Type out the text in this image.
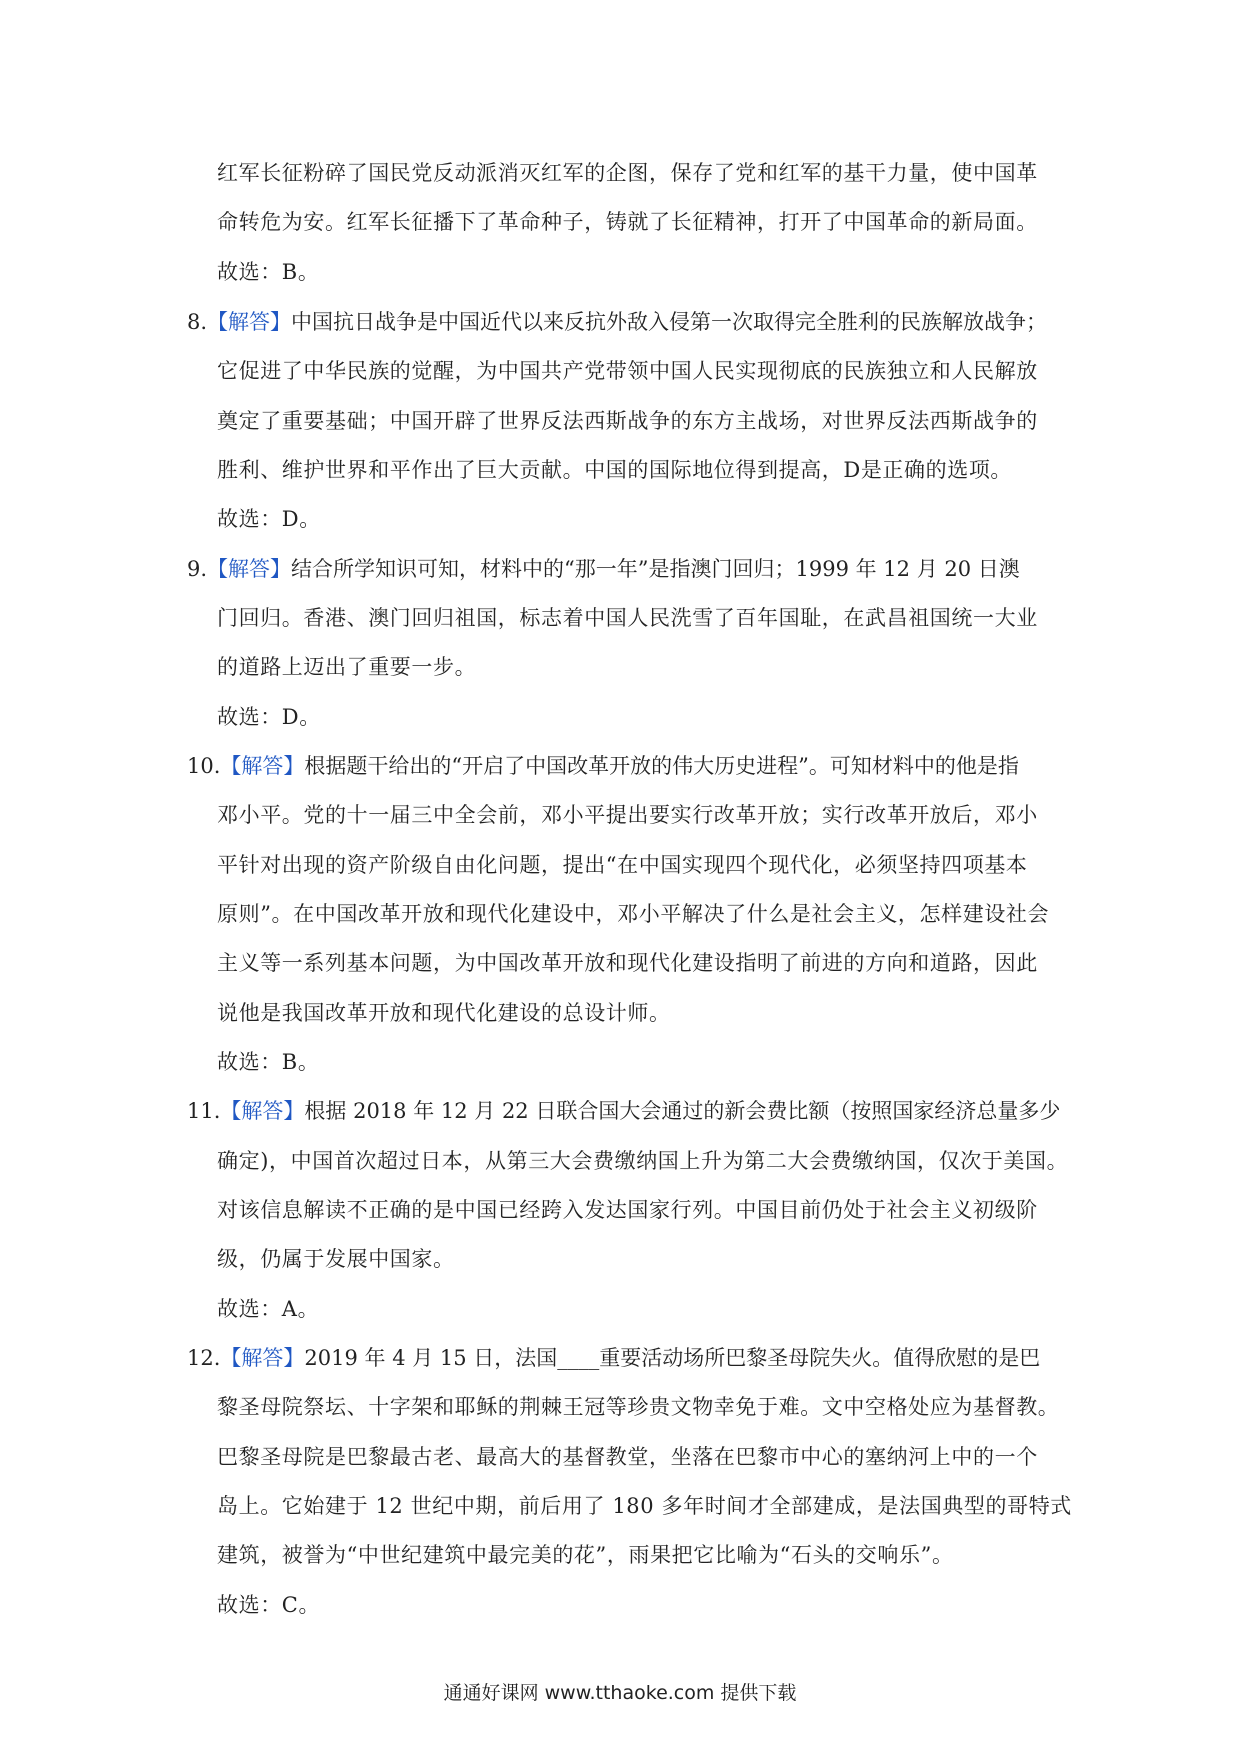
红军长征粉碎了国民党反动派消灭红军的企图，保存了党和红军的基干力量，使中国革
命转危为安。红军长征播下了革命种子，铸就了长征精神，打开了中国革命的新局面。
故选：B。
8.【解答】中国抗日战争是中国近代以来反抗外敌入侵第一次取得完全胜利的民族解放战争；
它促进了中华民族的觉醒，为中国共产党带领中国人民实现彻底的民族独立和人民解放
奠定了重要基础；中国开辟了世界反法西斯战争的东方主战场，对世界反法西斯战争的
胜利、维护世界和平作出了巨大贡献。中国的国际地位得到提高，D是正确的选项。
故选：D。
9.【解答】结合所学知识可知，材料中的“那一年”是指澳门回归；1999 年 12 月 20 日澳
门回归。香港、澳门回归祖国，标志着中国人民洗雪了百年国耻，在武昌祖国统一大业
的道路上迈出了重要一步。
故选：D。
10.【解答】根据题干给出的“开启了中国改革开放的伟大历史进程”。可知材料中的他是指
邓小平。党的十一届三中全会前，邓小平提出要实行改革开放；实行改革开放后，邓小
平针对出现的资产阶级自由化问题，提出“在中国实现四个现代化，必须坚持四项基本
原则”。在中国改革开放和现代化建设中，邓小平解决了什么是社会主义，怎样建设社会
主义等一系列基本问题，为中国改革开放和现代化建设指明了前进的方向和道路，因此
说他是我国改革开放和现代化建设的总设计师。
故选：B。
11.【解答】根据 2018 年 12 月 22 日联合国大会通过的新会费比额（按照国家经济总量多少
确定)，中国首次超过日本，从第三大会费缴纳国上升为第二大会费缴纳国，仅次于美国。
对该信息解读不正确的是中国已经跨入发达国家行列。中国目前仍处于社会主义初级阶
级，仍属于发展中国家。
故选：A。
12.【解答】2019 年 4 月 15 日，法国____重要活动场所巴黎圣母院失火。值得欣慰的是巴
黎圣母院祭坛、十字架和耶稣的荆棘王冠等珍贵文物幸免于难。文中空格处应为基督教。
巴黎圣母院是巴黎最古老、最高大的基督教堂，坐落在巴黎市中心的塞纳河上中的一个
岛上。它始建于 12 世纪中期，前后用了 180 多年时间才全部建成，是法国典型的哥特式
建筑，被誉为“中世纪建筑中最完美的花”，雨果把它比喻为“石头的交响乐”。
故选：C。
通通好课网 www.tthaoke.com 提供下载
